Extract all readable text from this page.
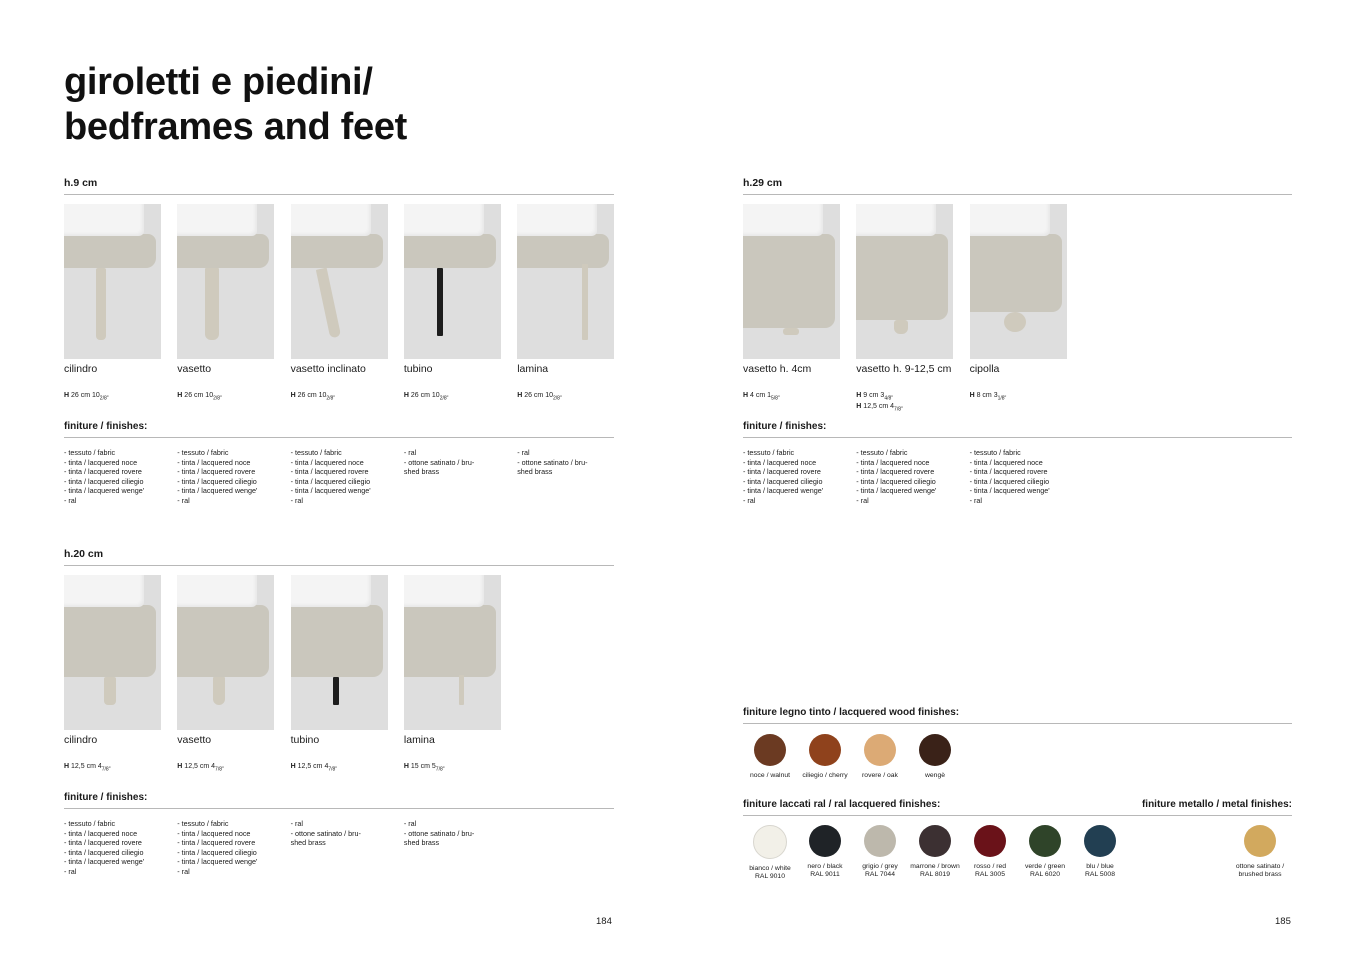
giroletti e piedini/
bedframes and feet
h.9 cm
cilindro
H 26 cm $10_{2/8"}$
vasetto
H 26 cm $10_{2/8"}$
vasetto inclinato
H 26 cm $10_{2/8"}$
tubino
H 26 cm $10_{2/8"}$
lamina
H 26 cm $10_{2/8"}$
finiture / finishes:
- tessuto / fabric
- tinta / lacquered noce
- tinta / lacquered rovere
- tinta / lacquered ciliegio
- tinta / lacquered wenge'
- ral
- tessuto / fabric
- tinta / lacquered noce
- tinta / lacquered rovere
- tinta / lacquered ciliegio
- tinta / lacquered wenge'
- ral
- tessuto / fabric
- tinta / lacquered noce
- tinta / lacquered rovere
- tinta / lacquered ciliegio
- tinta / lacquered wenge'
- ral
- ral
- ottone satinato / bru-
shed brass
- ral
- ottone satinato / bru-
shed brass
h.20 cm
cilindro
H 12,5 cm $4_{7/8"}$
vasetto
H 12,5 cm $4_{7/8"}$
tubino
H 12,5 cm $4_{7/8"}$
lamina
H 15 cm $5_{7/8"}$
finiture / finishes:
- tessuto / fabric
- tinta / lacquered noce
- tinta / lacquered rovere
- tinta / lacquered ciliegio
- tinta / lacquered wenge'
- ral
- tessuto / fabric
- tinta / lacquered noce
- tinta / lacquered rovere
- tinta / lacquered ciliegio
- tinta / lacquered wenge'
- ral
- ral
- ottone satinato / bru-
shed brass
- ral
- ottone satinato / bru-
shed brass
h.29 cm
vasetto h. 4cm
H 4 cm $1_{5/8"}$
vasetto h. 9-12,5 cm
H 9 cm $3_{4/8"}$
H 12,5 cm $4_{7/8"}$
cipolla
H 8 cm $3_{1/8"}$
finiture / finishes:
- tessuto / fabric
- tinta / lacquered noce
- tinta / lacquered rovere
- tinta / lacquered ciliegio
- tinta / lacquered wenge'
- ral
- tessuto / fabric
- tinta / lacquered noce
- tinta / lacquered rovere
- tinta / lacquered ciliegio
- tinta / lacquered wenge'
- ral
- tessuto / fabric
- tinta / lacquered noce
- tinta / lacquered rovere
- tinta / lacquered ciliegio
- tinta / lacquered wenge'
- ral
finiture legno tinto / lacquered wood finishes:
noce / walnut	ciliegio / cherry	rovere / oak	wengè
finiture laccati ral / ral lacquered finishes:	finiture metallo / metal finishes:
bianco / white
RAL 9010
nero / black
RAL 9011
grigio / grey
RAL 7044
marrone / brown
RAL 8019
rosso / red
RAL 3005
verde / green
RAL 6020
blu / blue
RAL 5008
ottone satinato /
brushed brass
184	185
